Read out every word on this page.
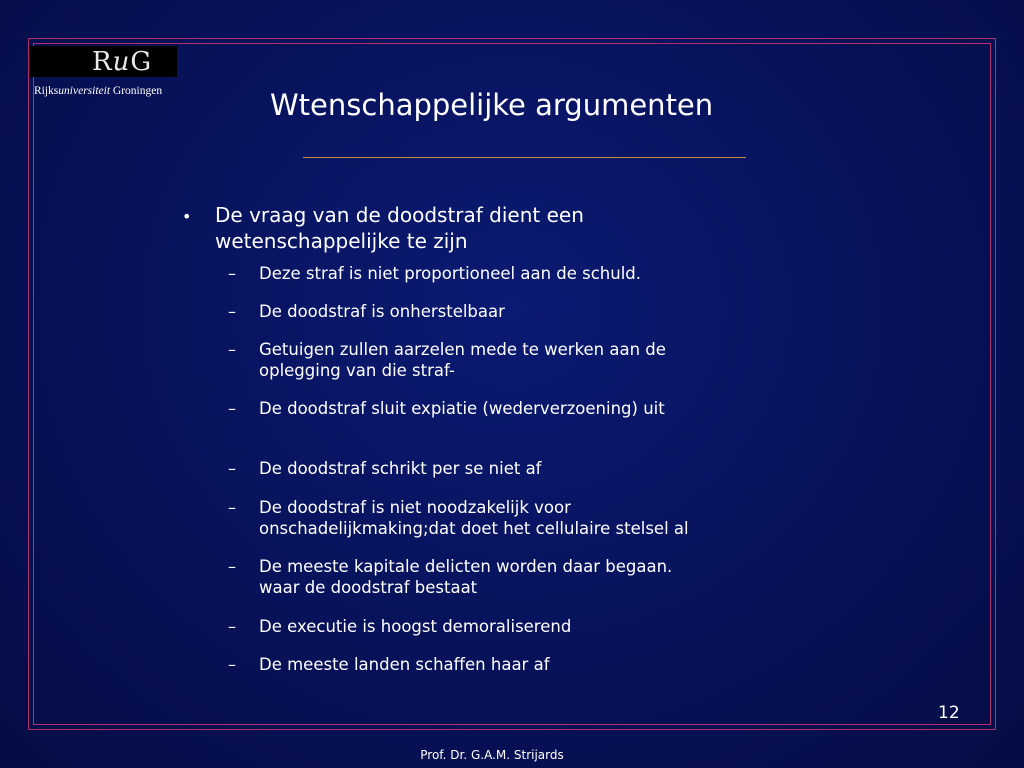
RuG
Rijksuniversiteit Groningen	Wtenschappelijke argumenten
• De vraag van de doodstraf dient een wetenschappelijke te zijn
– Deze straf is niet proportioneel aan de schuld.
– De doodstraf is onherstelbaar
– Getuigen zullen aarzelen mede te werken aan de
oplegging van die straf-
– De doodstraf sluit expiatie (wederverzoening) uit
– De doodstraf schrikt per se niet af
– De doodstraf is niet noodzakelijk voor
onschadelijkmaking;dat doet het cellulaire stelsel al
– De meeste kapitale delicten worden daar begaan.
waar de doodstraf bestaat
– De executie is hoogst demoraliserend
– De meeste landen schaffen haar af
12
Prof. Dr. G.A.M. Strijards
